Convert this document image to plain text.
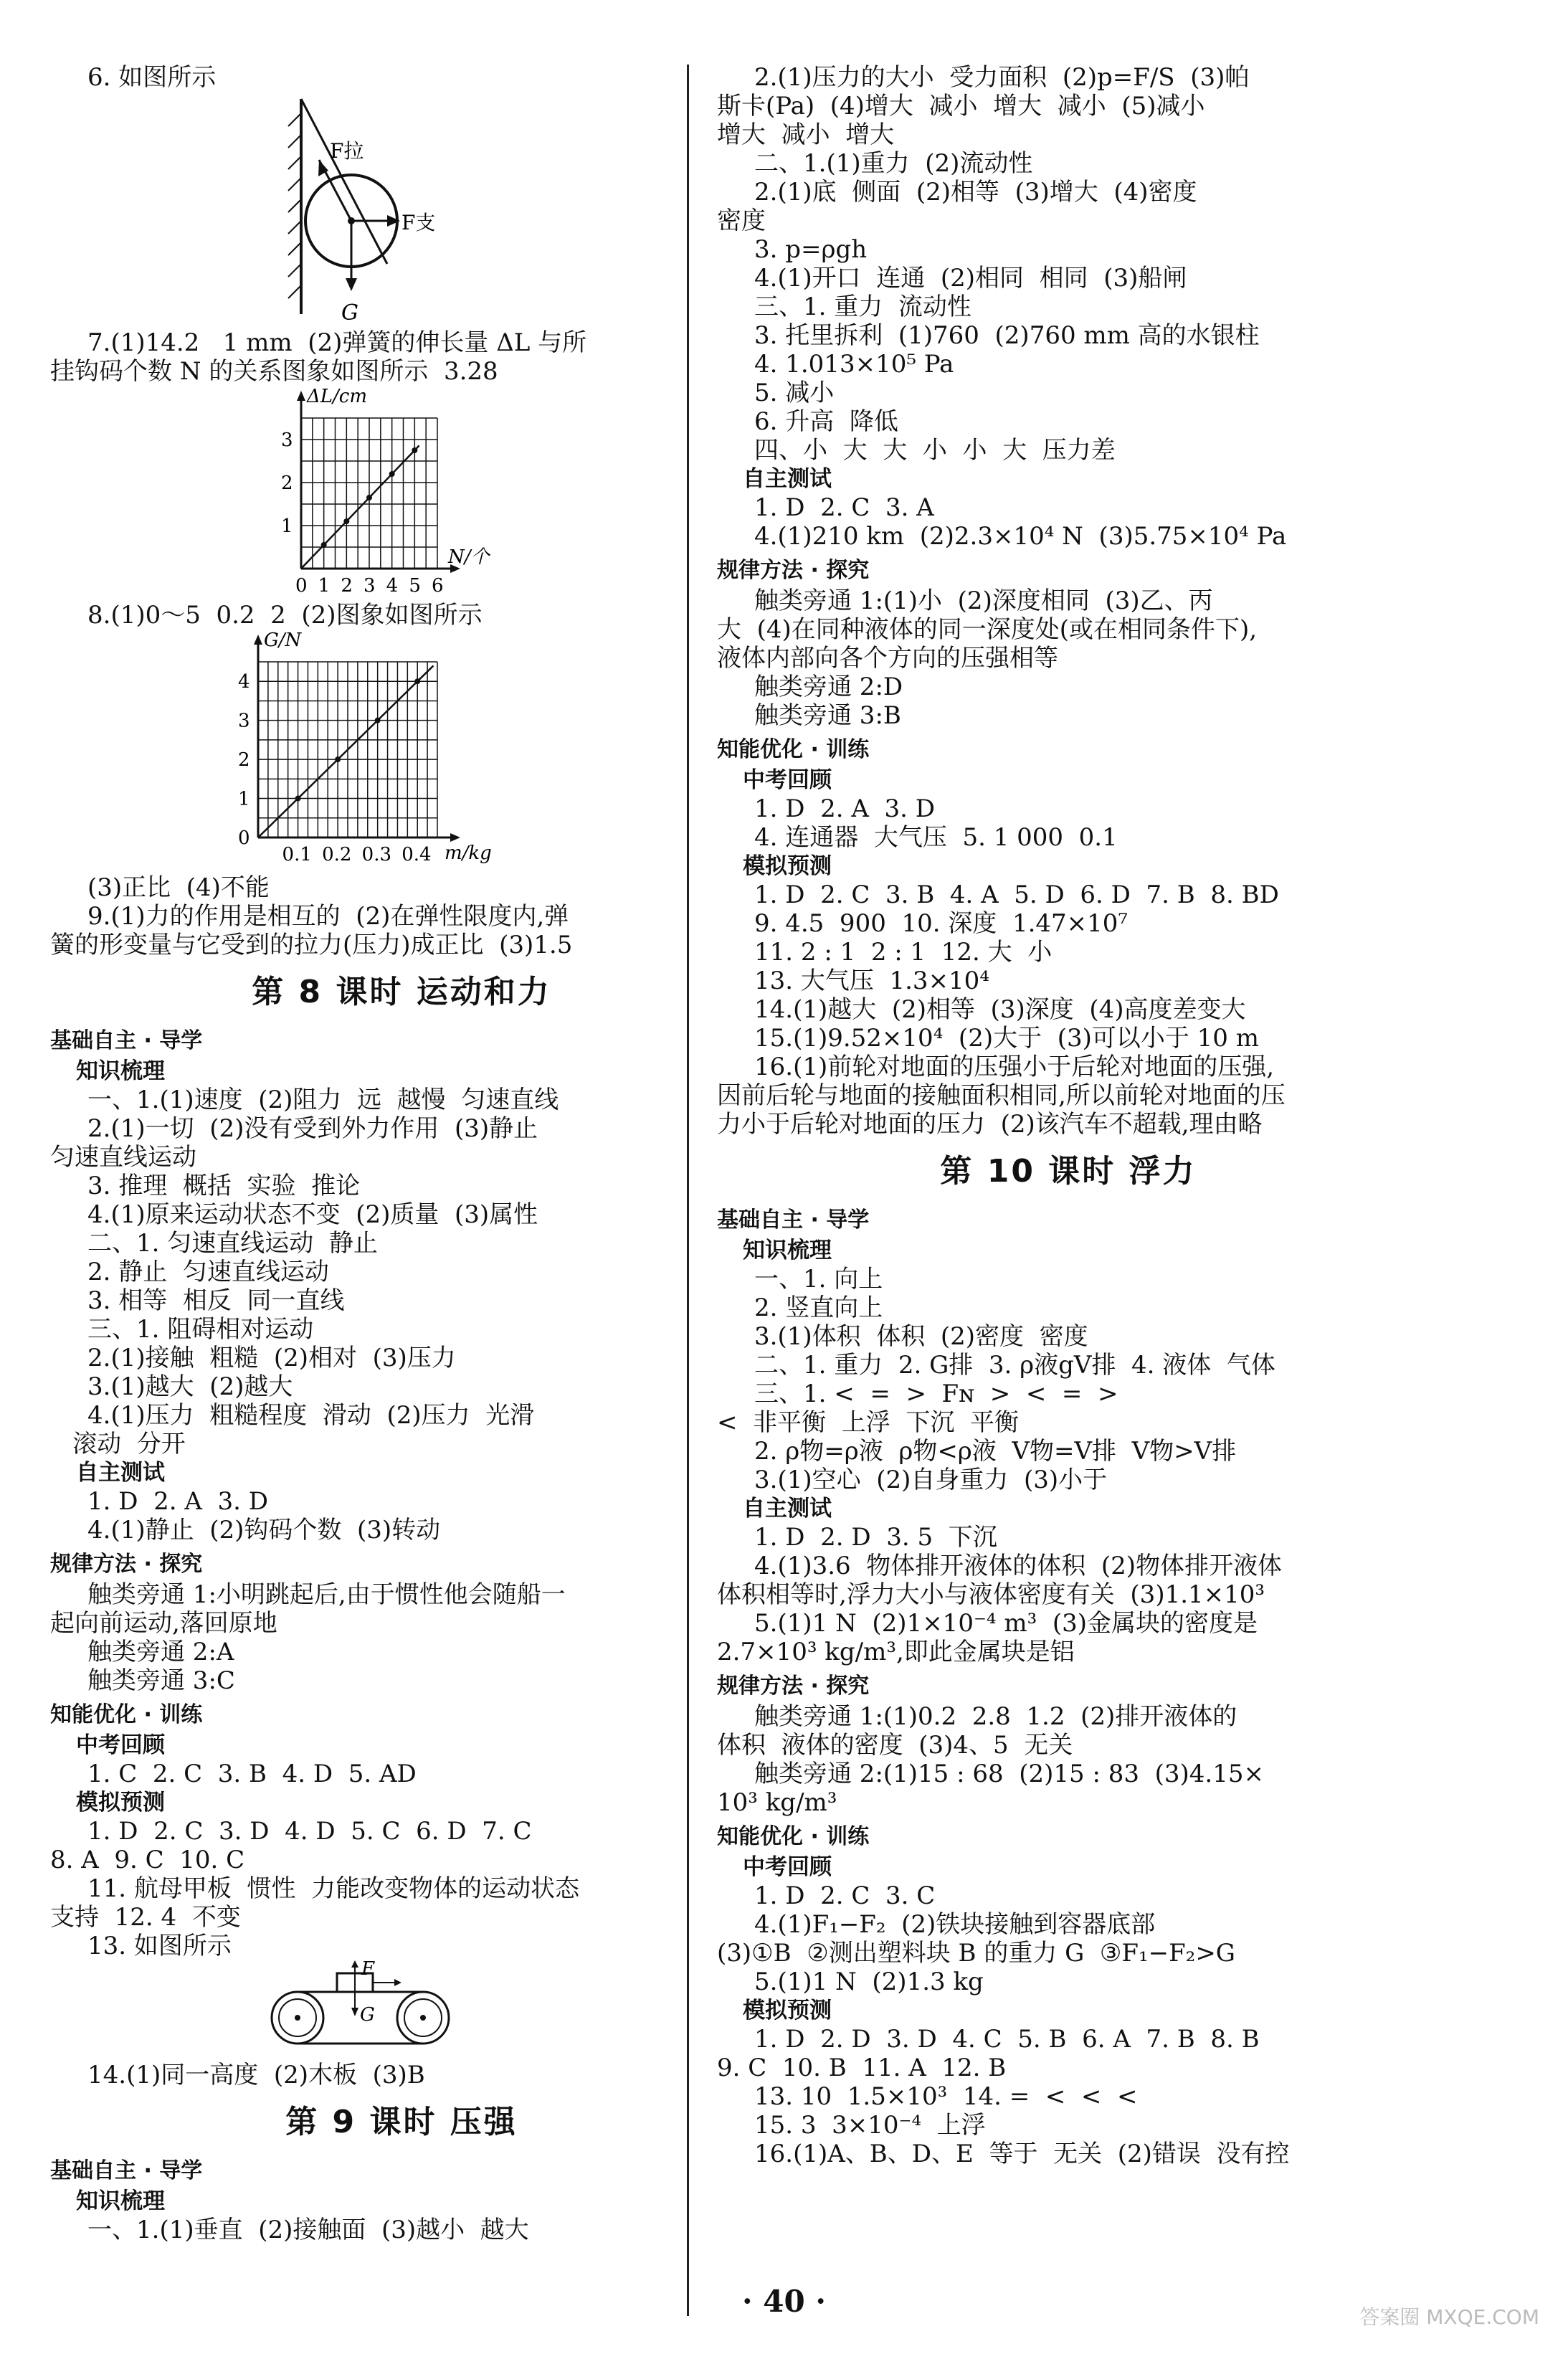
6. 如图所示
F拉
F支
G
7.(1)14.2   1 mm  (2)弹簧的伸长量 ΔL 与所
挂钩码个数 N 的关系图象如图所示  3.28
0 1 2 3 4 5 6
1
2
3
ΔL/cm
N/个
8.(1)0～5  0.2  2  (2)图象如图所示
0.1 0.2 0.3 0.4
1
2
3
4
0
G/N
m/kg
(3)正比  (4)不能
9.(1)力的作用是相互的  (2)在弹性限度内,弹
簧的形变量与它受到的拉力(压力)成正比  (3)1.5
第 8 课时 运动和力
基础自主 · 导学
知识梳理
一、1.(1)速度  (2)阻力  远  越慢  匀速直线
2.(1)一切  (2)没有受到外力作用  (3)静止
匀速直线运动
3. 推理  概括  实验  推论
4.(1)原来运动状态不变  (2)质量  (3)属性
二、1. 匀速直线运动  静止
2. 静止  匀速直线运动
3. 相等  相反  同一直线
三、1. 阻碍相对运动
2.(1)接触  粗糙  (2)相对  (3)压力
3.(1)越大  (2)越大
4.(1)压力  粗糙程度  滑动  (2)压力  光滑
滚动  分开
自主测试
1. D  2. A  3. D
4.(1)静止  (2)钩码个数  (3)转动
规律方法 · 探究
触类旁通 1:小明跳起后,由于惯性他会随船一
起向前运动,落回原地
触类旁通 2:A
触类旁通 3:C
知能优化 · 训练
中考回顾
1. C  2. C  3. B  4. D  5. AD
模拟预测
1. D  2. C  3. D  4. D  5. C  6. D  7. C
8. A  9. C  10. C
11. 航母甲板  惯性  力能改变物体的运动状态
支持  12. 4  不变
13. 如图所示
F
G
14.(1)同一高度  (2)木板  (3)B
第 9 课时 压强
基础自主 · 导学
知识梳理
一、1.(1)垂直  (2)接触面  (3)越小  越大
2.(1)压力的大小  受力面积  (2)p=F/S  (3)帕
斯卡(Pa)  (4)增大  减小  增大  减小  (5)减小
增大  减小  增大
二、1.(1)重力  (2)流动性
2.(1)底  侧面  (2)相等  (3)增大  (4)密度
密度
3. p=ρgh
4.(1)开口  连通  (2)相同  相同  (3)船闸
三、1. 重力  流动性
3. 托里拆利  (1)760  (2)760 mm 高的水银柱
4. 1.013×10⁵ Pa
5. 减小
6. 升高  降低
四、小  大  大  小  小  大  压力差
自主测试
1. D  2. C  3. A
4.(1)210 km  (2)2.3×10⁴ N  (3)5.75×10⁴ Pa
规律方法 · 探究
触类旁通 1:(1)小  (2)深度相同  (3)乙、丙
大  (4)在同种液体的同一深度处(或在相同条件下),
液体内部向各个方向的压强相等
触类旁通 2:D
触类旁通 3:B
知能优化 · 训练
中考回顾
1. D  2. A  3. D
4. 连通器  大气压  5. 1 000  0.1
模拟预测
1. D  2. C  3. B  4. A  5. D  6. D  7. B  8. BD
9. 4.5  900  10. 深度  1.47×10⁷
11. 2 : 1  2 : 1  12. 大  小
13. 大气压  1.3×10⁴
14.(1)越大  (2)相等  (3)深度  (4)高度差变大
15.(1)9.52×10⁴  (2)大于  (3)可以小于 10 m
16.(1)前轮对地面的压强小于后轮对地面的压强,
因前后轮与地面的接触面积相同,所以前轮对地面的压
力小于后轮对地面的压力  (2)该汽车不超载,理由略
第 10 课时 浮力
基础自主 · 导学
知识梳理
一、1. 向上
2. 竖直向上
3.(1)体积  体积  (2)密度  密度
二、1. 重力  2. G排  3. ρ液gV排  4. 液体  气体
三、1. <  =  >  Fɴ  >  <  =  >
<  非平衡  上浮  下沉  平衡
2. ρ物=ρ液  ρ物<ρ液  V物=V排  V物>V排
3.(1)空心  (2)自身重力  (3)小于
自主测试
1. D  2. D  3. 5  下沉
4.(1)3.6  物体排开液体的体积  (2)物体排开液体
体积相等时,浮力大小与液体密度有关  (3)1.1×10³
5.(1)1 N  (2)1×10⁻⁴ m³  (3)金属块的密度是
2.7×10³ kg/m³,即此金属块是铝
规律方法 · 探究
触类旁通 1:(1)0.2  2.8  1.2  (2)排开液体的
体积  液体的密度  (3)4、5  无关
触类旁通 2:(1)15 : 68  (2)15 : 83  (3)4.15×
10³ kg/m³
知能优化 · 训练
中考回顾
1. D  2. C  3. C
4.(1)F₁−F₂  (2)铁块接触到容器底部
(3)①B  ②测出塑料块 B 的重力 G  ③F₁−F₂>G
5.(1)1 N  (2)1.3 kg
模拟预测
1. D  2. D  3. D  4. C  5. B  6. A  7. B  8. B
9. C  10. B  11. A  12. B
13. 10  1.5×10³  14. =  <  <  <
15. 3  3×10⁻⁴  上浮
16.(1)A、B、D、E  等于  无关  (2)错误  没有控
· 40 ·	答案圈 MXQE.COM
